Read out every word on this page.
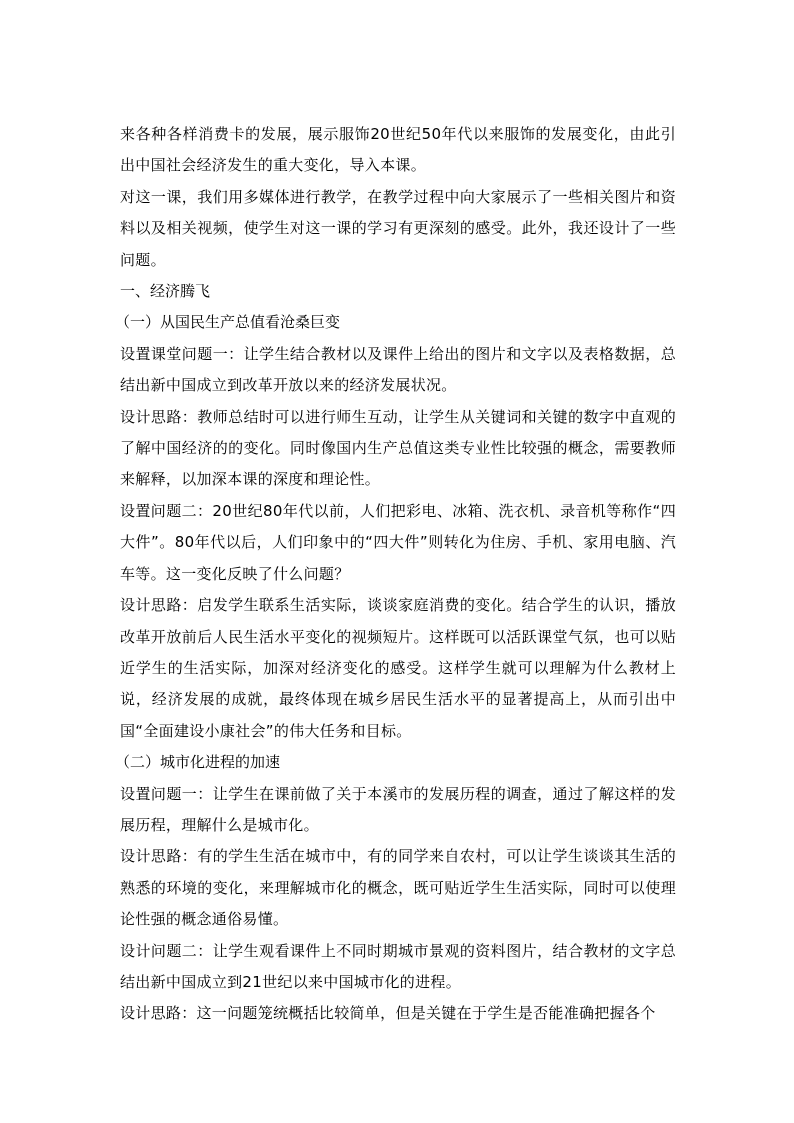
来各种各样消费卡的发展，展示服饰20世纪50年代以来服饰的发展变化，由此引出中国社会经济发生的重大变化，导入本课。

对这一课，我们用多媒体进行教学，在教学过程中向大家展示了一些相关图片和资料以及相关视频，使学生对这一课的学习有更深刻的感受。此外，我还设计了一些问题。

一、经济腾飞

（一）从国民生产总值看沧桑巨变

设置课堂问题一：让学生结合教材以及课件上给出的图片和文字以及表格数据，总结出新中国成立到改革开放以来的经济发展状况。

设计思路：教师总结时可以进行师生互动，让学生从关键词和关键的数字中直观的了解中国经济的的变化。同时像国内生产总值这类专业性比较强的概念，需要教师来解释，以加深本课的深度和理论性。

设置问题二：20世纪80年代以前，人们把彩电、冰箱、洗衣机、录音机等称作“四大件”。80年代以后，人们印象中的“四大件”则转化为住房、手机、家用电脑、汽车等。这一变化反映了什么问题？

设计思路：启发学生联系生活实际，谈谈家庭消费的变化。结合学生的认识，播放改革开放前后人民生活水平变化的视频短片。这样既可以活跃课堂气氛，也可以贴近学生的生活实际，加深对经济变化的感受。这样学生就可以理解为什么教材上说，经济发展的成就，最终体现在城乡居民生活水平的显著提高上，从而引出中国“全面建设小康社会”的伟大任务和目标。

（二）城市化进程的加速

设置问题一：让学生在课前做了关于本溪市的发展历程的调查，通过了解这样的发展历程，理解什么是城市化。

设计思路：有的学生生活在城市中，有的同学来自农村，可以让学生谈谈其生活的熟悉的环境的变化，来理解城市化的概念，既可贴近学生生活实际，同时可以使理论性强的概念通俗易懂。

设计问题二：让学生观看课件上不同时期城市景观的资料图片，结合教材的文字总结出新中国成立到21世纪以来中国城市化的进程。

设计思路：这一问题笼统概括比较简单，但是关键在于学生是否能准确把握各个
